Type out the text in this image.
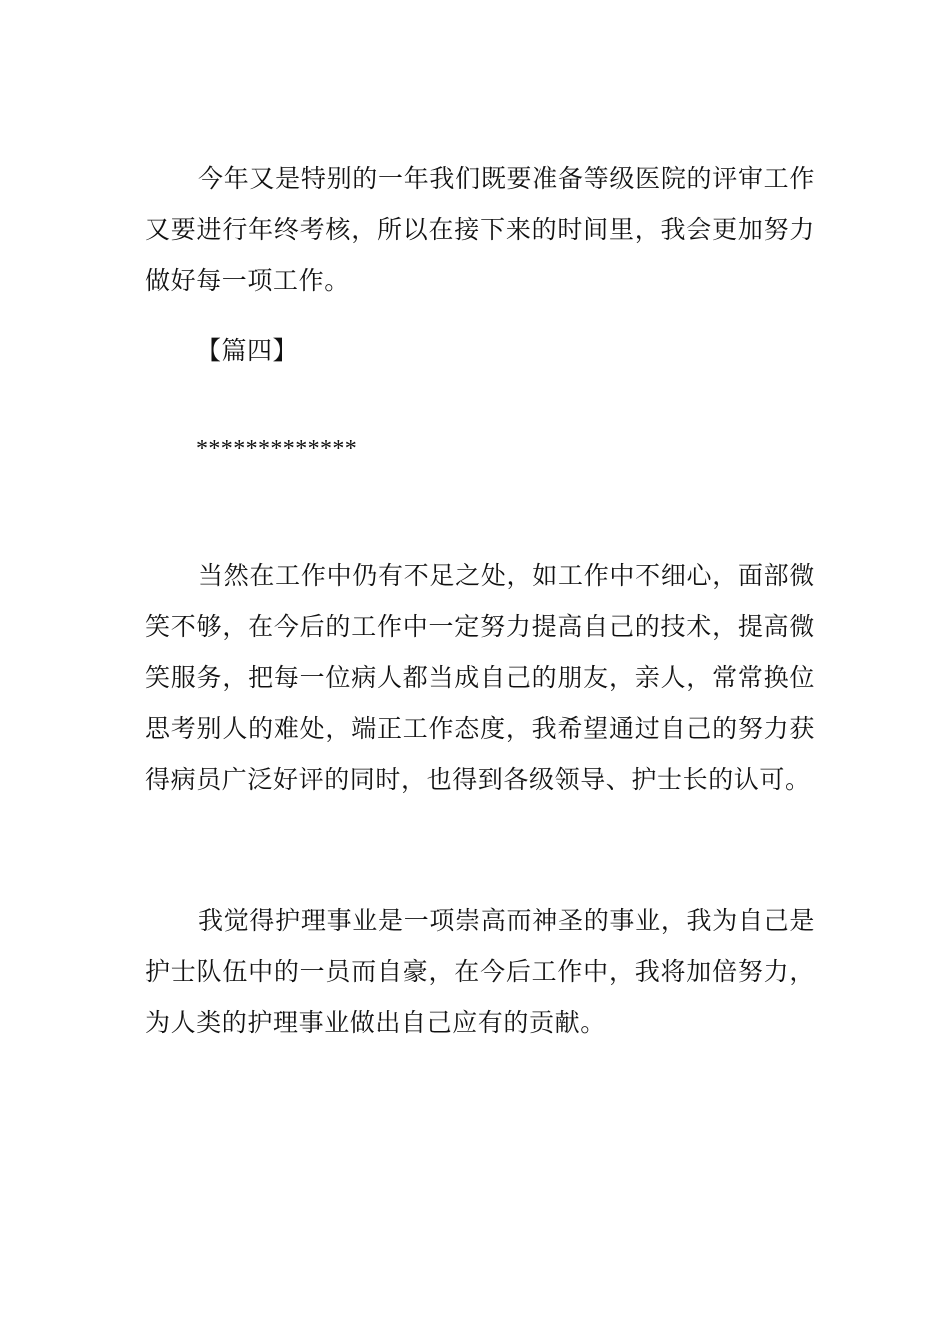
今年又是特别的一年我们既要准备等级医院的评审工作又要进行年终考核，所以在接下来的时间里，我会更加努力做好每一项工作。

【篇四】
*************

当然在工作中仍有不足之处，如工作中不细心，面部微笑不够，在今后的工作中一定努力提高自己的技术，提高微笑服务，把每一位病人都当成自己的朋友，亲人，常常换位思考别人的难处，端正工作态度，我希望通过自己的努力获得病员广泛好评的同时，也得到各级领导、护士长的认可。

我觉得护理事业是一项崇高而神圣的事业，我为自己是护士队伍中的一员而自豪，在今后工作中，我将加倍努力，为人类的护理事业做出自己应有的贡献。
